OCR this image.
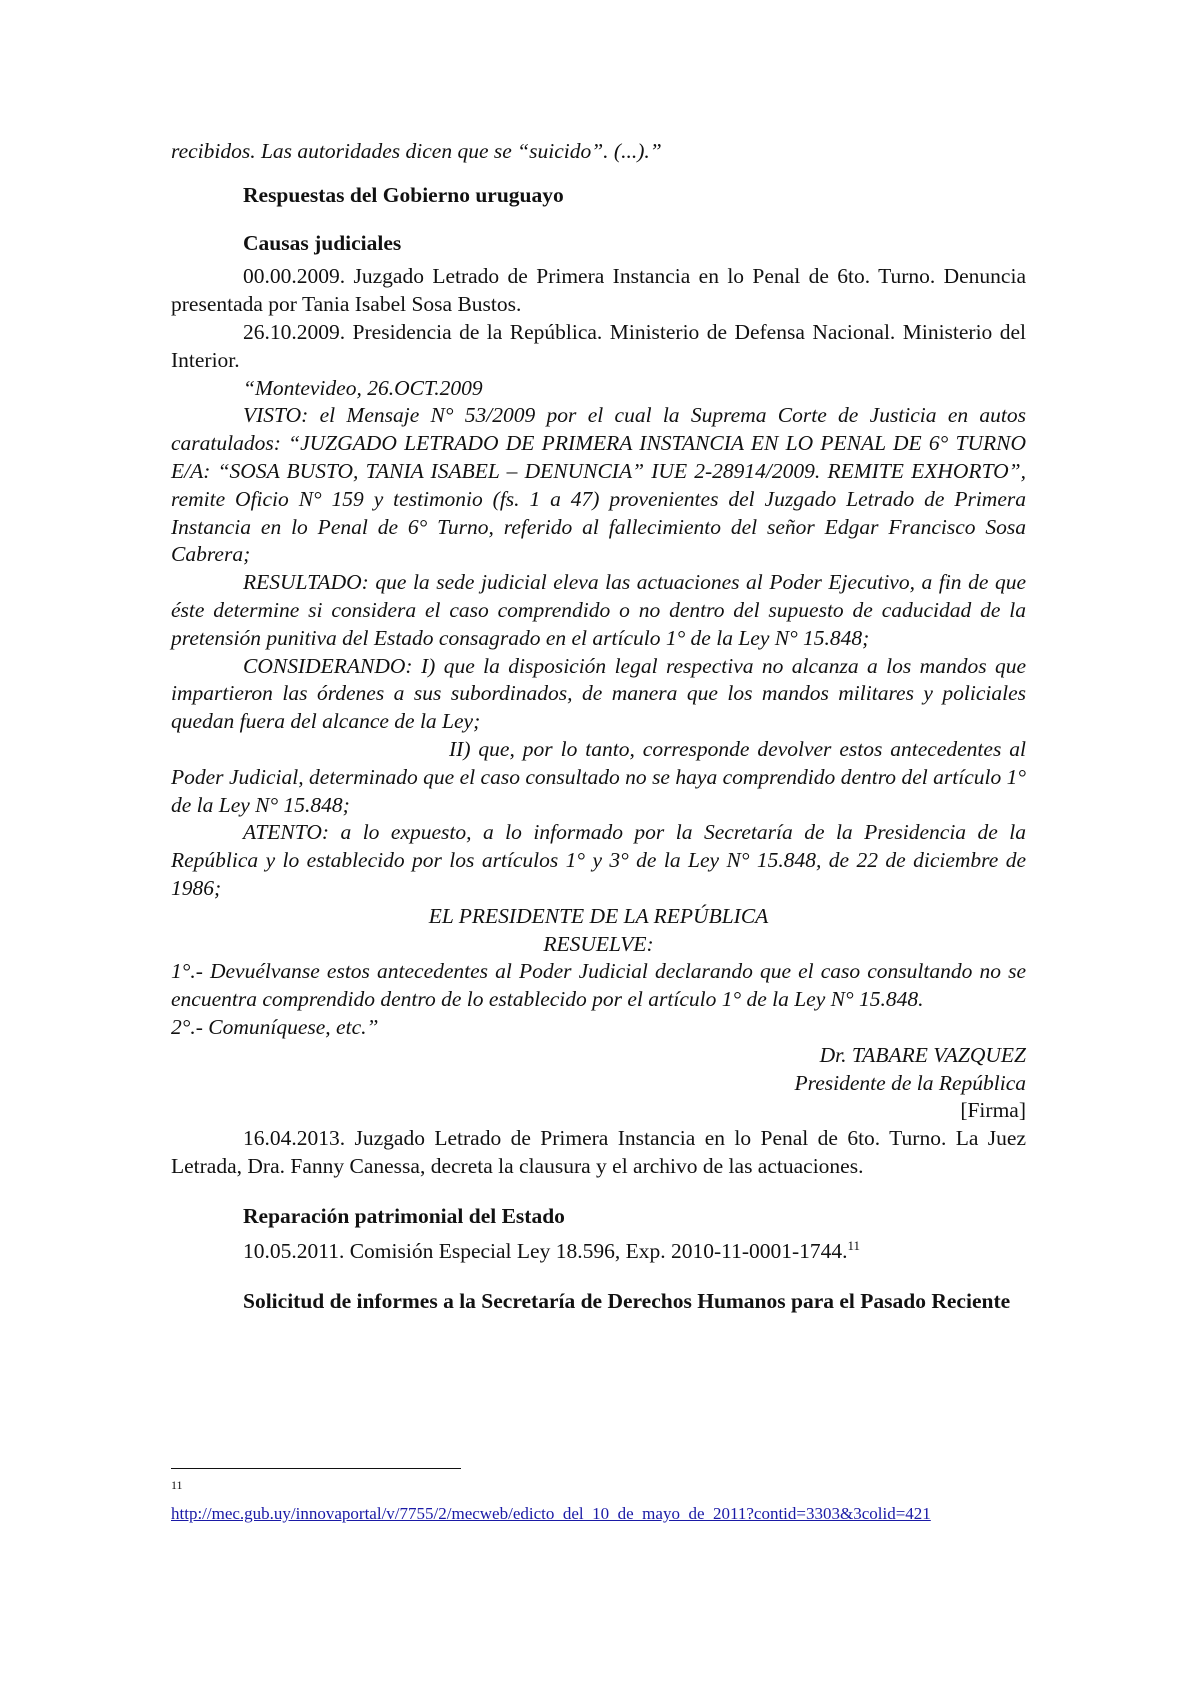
recibidos. Las autoridades dicen que se “suicido”. (...).”

Respuestas del Gobierno uruguayo

Causas judiciales

00.00.2009. Juzgado Letrado de Primera Instancia en lo Penal de 6to. Turno. Denuncia presentada por Tania Isabel Sosa Bustos.

26.10.2009. Presidencia de la República. Ministerio de Defensa Nacional. Ministerio del Interior.

“Montevideo, 26.OCT.2009

VISTO: el Mensaje N° 53/2009 por el cual la Suprema Corte de Justicia en autos caratulados: “JUZGADO LETRADO DE PRIMERA INSTANCIA EN LO PENAL DE 6° TURNO E/A: “SOSA BUSTO, TANIA ISABEL – DENUNCIA” IUE 2-28914/2009. REMITE EXHORTO”, remite Oficio N° 159 y testimonio (fs. 1 a 47) provenientes del Juzgado Letrado de Primera Instancia en lo Penal de 6° Turno, referido al fallecimiento del señor Edgar Francisco Sosa Cabrera;

RESULTADO: que la sede judicial eleva las actuaciones al Poder Ejecutivo, a fin de que éste determine si considera el caso comprendido o no dentro del supuesto de caducidad de la pretensión punitiva del Estado consagrado en el artículo 1° de la Ley N° 15.848;

CONSIDERANDO: I) que la disposición legal respectiva no alcanza a los mandos que impartieron las órdenes a sus subordinados, de manera que los mandos militares y policiales quedan fuera del alcance de la Ley;

II) que, por lo tanto, corresponde devolver estos antecedentes al Poder Judicial, determinado que el caso consultado no se haya comprendido dentro del artículo 1° de la Ley N° 15.848;

ATENTO: a lo expuesto, a lo informado por la Secretaría de la Presidencia de la República y lo establecido por los artículos 1° y 3° de la Ley N° 15.848, de 22 de diciembre de 1986;

EL PRESIDENTE DE LA REPÚBLICA

RESUELVE:

1°.- Devuélvanse estos antecedentes al Poder Judicial declarando que el caso consultando no se encuentra comprendido dentro de lo establecido por el artículo 1° de la Ley N° 15.848.

2°.- Comuníquese, etc.”

Dr. TABARE VAZQUEZ

Presidente de la República

[Firma]

16.04.2013. Juzgado Letrado de Primera Instancia en lo Penal de 6to. Turno. La Juez Letrada, Dra. Fanny Canessa, decreta la clausura y el archivo de las actuaciones.

Reparación patrimonial del Estado

10.05.2011. Comisión Especial Ley 18.596, Exp. 2010-11-0001-1744.11

Solicitud de informes a la Secretaría de Derechos Humanos para el Pasado Reciente

11
http://mec.gub.uy/innovaportal/v/7755/2/mecweb/edicto_del_10_de_mayo_de_2011?contid=3303&3colid=421
